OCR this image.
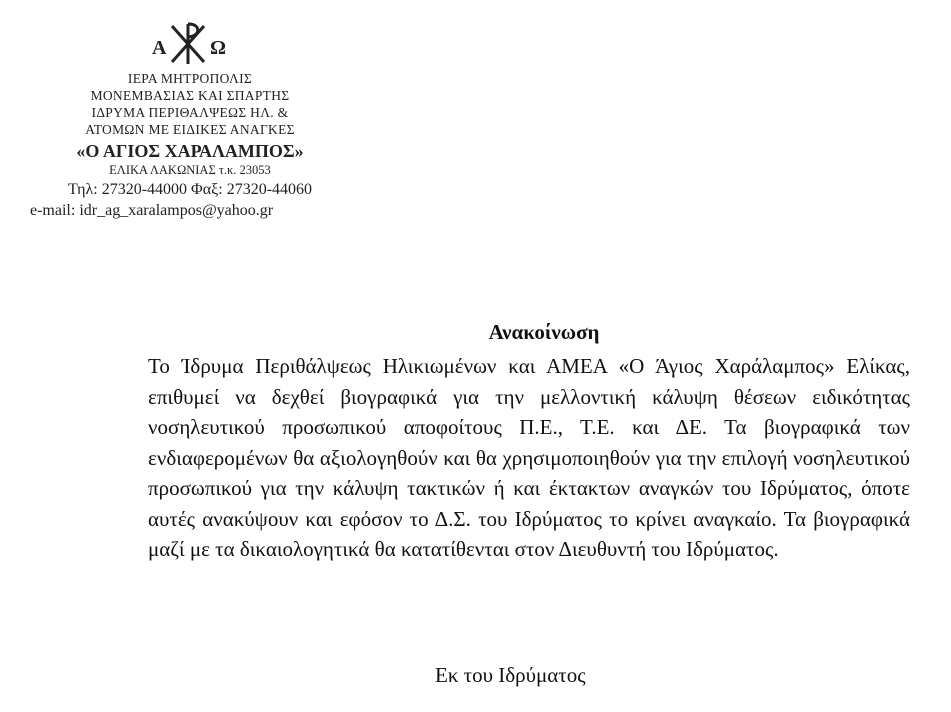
Α Ω
ΙΕΡΑ ΜΗΤΡΟΠΟΛΙΣ
ΜΟΝΕΜΒΑΣΙΑΣ ΚΑΙ ΣΠΑΡΤΗΣ
ΙΔΡΥΜΑ ΠΕΡΙΘΑΛΨΕΩΣ ΗΛ. &
ΑΤΟΜΩΝ ΜΕ ΕΙΔΙΚΕΣ ΑΝΑΓΚΕΣ
«Ο ΑΓΙΟΣ ΧΑΡΑΛΑΜΠΟΣ»
ΕΛΙΚΑ ΛΑΚΩΝΙΑΣ τ.κ. 23053
Τηλ: 27320-44000 Φαξ: 27320-44060
e-mail: idr_ag_xaralampos@yahoo.gr
Ανακοίνωση

Το Ίδρυμα Περιθάλψεως Ηλικιωμένων και ΑΜΕΑ «Ο Άγιος Χαράλαμπος» Ελίκας, επιθυμεί να δεχθεί βιογραφικά για την μελλοντική κάλυψη θέσεων ειδικότητας νοσηλευτικού προσωπικού αποφοίτους Π.Ε., Τ.Ε. και ΔΕ. Τα βιογραφικά των ενδιαφερομένων θα αξιολογηθούν και θα χρησιμοποιηθούν για την επιλογή νοσηλευτικού προσωπικού για την κάλυψη τακτικών ή και έκτακτων αναγκών του Ιδρύματος, όποτε αυτές ανακύψουν και εφόσον το Δ.Σ. του Ιδρύματος το κρίνει αναγκαίο. Τα βιογραφικά μαζί με τα δικαιολογητικά θα κατατίθενται στον Διευθυντή του Ιδρύματος.

Εκ του Ιδρύματος
